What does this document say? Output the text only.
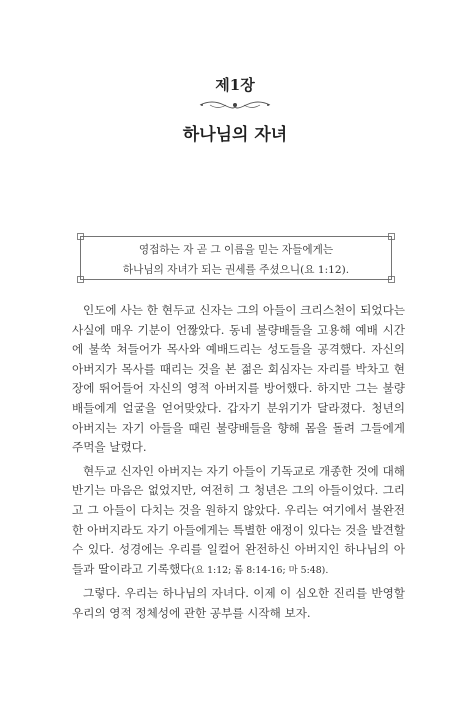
제1장
하나님의 자녀
영접하는 자 곧 그 이름을 믿는 자들에게는
하나님의 자녀가 되는 권세를 주셨으니(요 1:12).

인도에 사는 한 현두교 신자는 그의 아들이 크리스천이 되었다는 사실에 매우 기분이 언짢았다. 동네 불량배들을 고용해 예배 시간에 불쑥 쳐들어가 목사와 예배드리는 성도들을 공격했다. 자신의 아버지가 목사를 때리는 것을 본 젊은 회심자는 자리를 박차고 현장에 뛰어들어 자신의 영적 아버지를 방어했다. 하지만 그는 불량배들에게 얼굴을 얻어맞았다. 갑자기 분위기가 달라졌다. 청년의 아버지는 자기 아들을 때린 불량배들을 향해 몸을 돌려 그들에게 주먹을 날렸다.

현두교 신자인 아버지는 자기 아들이 기독교로 개종한 것에 대해 반기는 마음은 없었지만, 여전히 그 청년은 그의 아들이었다. 그리고 그 아들이 다치는 것을 원하지 않았다. 우리는 여기에서 불완전한 아버지라도 자기 아들에게는 특별한 애정이 있다는 것을 발견할 수 있다. 성경에는 우리를 일컬어 완전하신 아버지인 하나님의 아들과 딸이라고 기록했다(요 1:12; 롬 8:14-16; 마 5:48).

그렇다. 우리는 하나님의 자녀다. 이제 이 심오한 진리를 반영할 우리의 영적 정체성에 관한 공부를 시작해 보자.
